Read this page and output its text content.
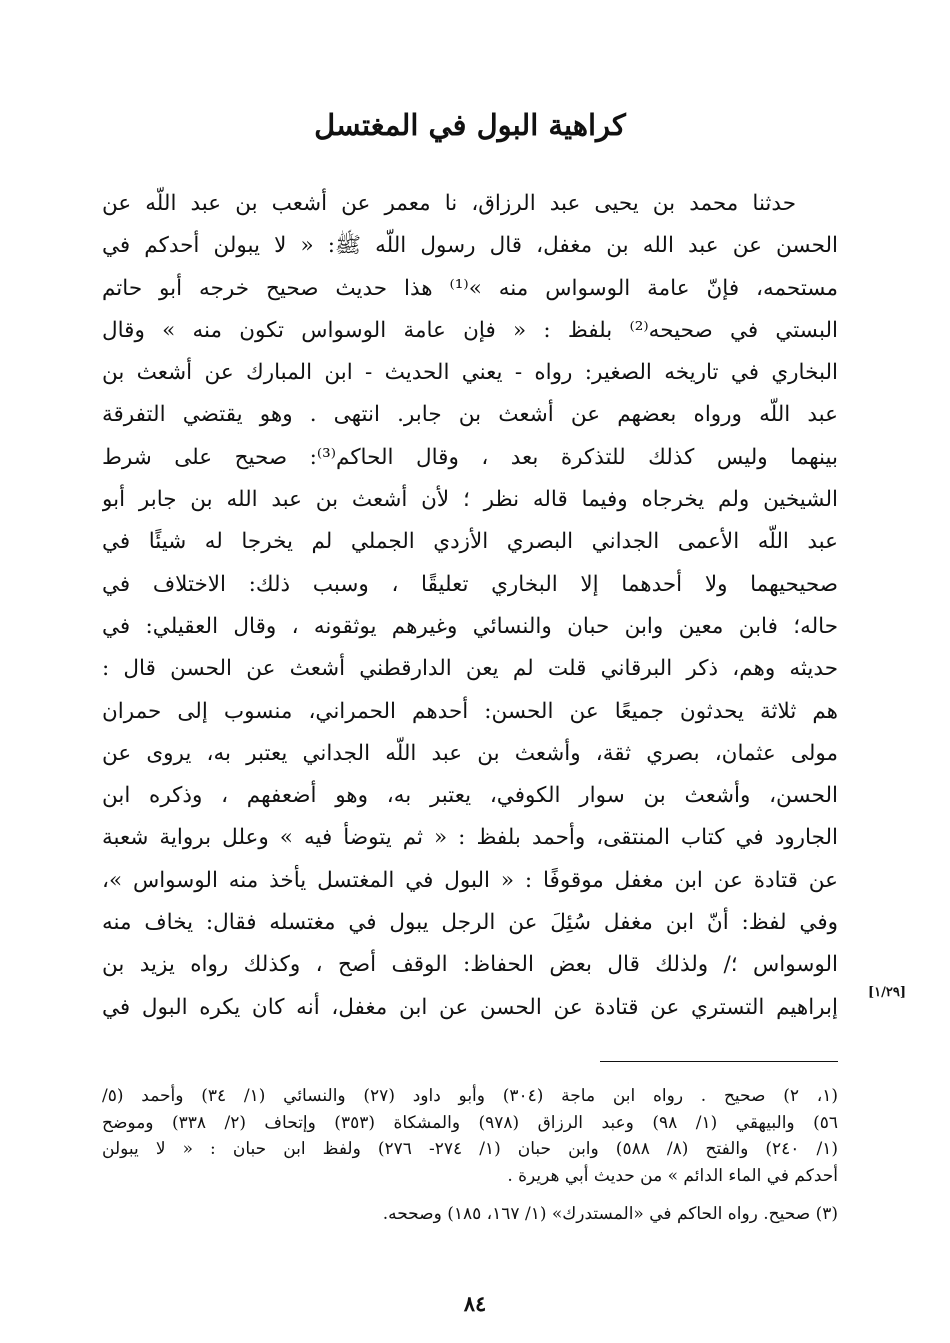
كراهية البول في المغتسل
حدثنا محمد بن يحيى عبد الرزاق، نا معمر عن أشعب بن عبد اللّه عن
الحسن عن عبد الله بن مغفل، قال رسول اللّه ﷺ: « لا يبولن أحدكم في
مستحمه، فإنّ عامة الوسواس منه »⁽¹⁾ هذا حديث صحيح خرجه أبو حاتم
البستي في صحيحه⁽²⁾ بلفظ : « فإن عامة الوسواس تكون منه » وقال
البخاري في تاريخه الصغير: رواه - يعني الحديث - ابن المبارك عن أشعث بن
عبد اللّه ورواه بعضهم عن أشعث بن جابر. انتهى . وهو يقتضي التفرقة
بينهما وليس كذلك للتذكرة بعد ، وقال الحاكم⁽³⁾: صحيح على شرط
الشيخين ولم يخرجاه وفيما قاله نظر ؛ لأن أشعث بن عبد الله بن جابر أبو
عبد اللّه الأعمى الجداني البصري الأزدي الجملي لم يخرجا له شيئًا في
صحيحيهما ولا أحدهما إلا البخاري تعليقًا ، وسبب ذلك: الاختلاف في
حاله؛ فابن معين وابن حبان والنسائي وغيرهم يوثقونه ، وقال العقيلي: في
حديثه وهم، ذكر البرقاني قلت لم يعن الدارقطني أشعث عن الحسن قال :
هم ثلاثة يحدثون جميعًا عن الحسن: أحدهم الحمراني، منسوب إلى حمران
مولى عثمان، بصري ثقة، وأشعث بن عبد اللّه الجداني يعتبر به، يروى عن
الحسن، وأشعث بن سوار الكوفي، يعتبر به، وهو أضعفهم ، وذكره ابن
الجارود في كتاب المنتقى، وأحمد بلفظ : « ثم يتوضأ فيه » وعلل برواية شعبة
عن قتادة عن ابن مغفل موقوفًا : « البول في المغتسل يأخذ منه الوسواس »،
وفي لفظ: أنّ ابن مغفل سُئِلَ عن الرجل يبول في مغتسله فقال: يخاف منه
الوسواس ؛/ ولذلك قال بعض الحفاظ: الوقف أصح ، وكذلك رواه يزيد بن
إبراهيم التستري عن قتادة عن الحسن عن ابن مغفل، أنه كان يكره البول في
[١/٢٩]
(١، ٢) صحيح . رواه ابن ماجة (٣٠٤) وأبو داود (٢٧) والنسائي (١/ ٣٤) وأحمد (٥/
٥٦) والبيهقي (١/ ٩٨) وعبد الرزاق (٩٧٨) والمشكاة (٣٥٣) وإتحاف (٢/ ٣٣٨) وموضح
(١/ ٢٤٠) والفتح (٨/ ٥٨٨) وابن حبان (١/ ٢٧٤- ٢٧٦) ولفظ ابن حبان : « لا يبولن
أحدكم في الماء الدائم » من حديث أبي هريرة .
(٣) صحيح. رواه الحاكم في «المستدرك» (١/ ١٦٧، ١٨٥) وصححه.
٨٤
